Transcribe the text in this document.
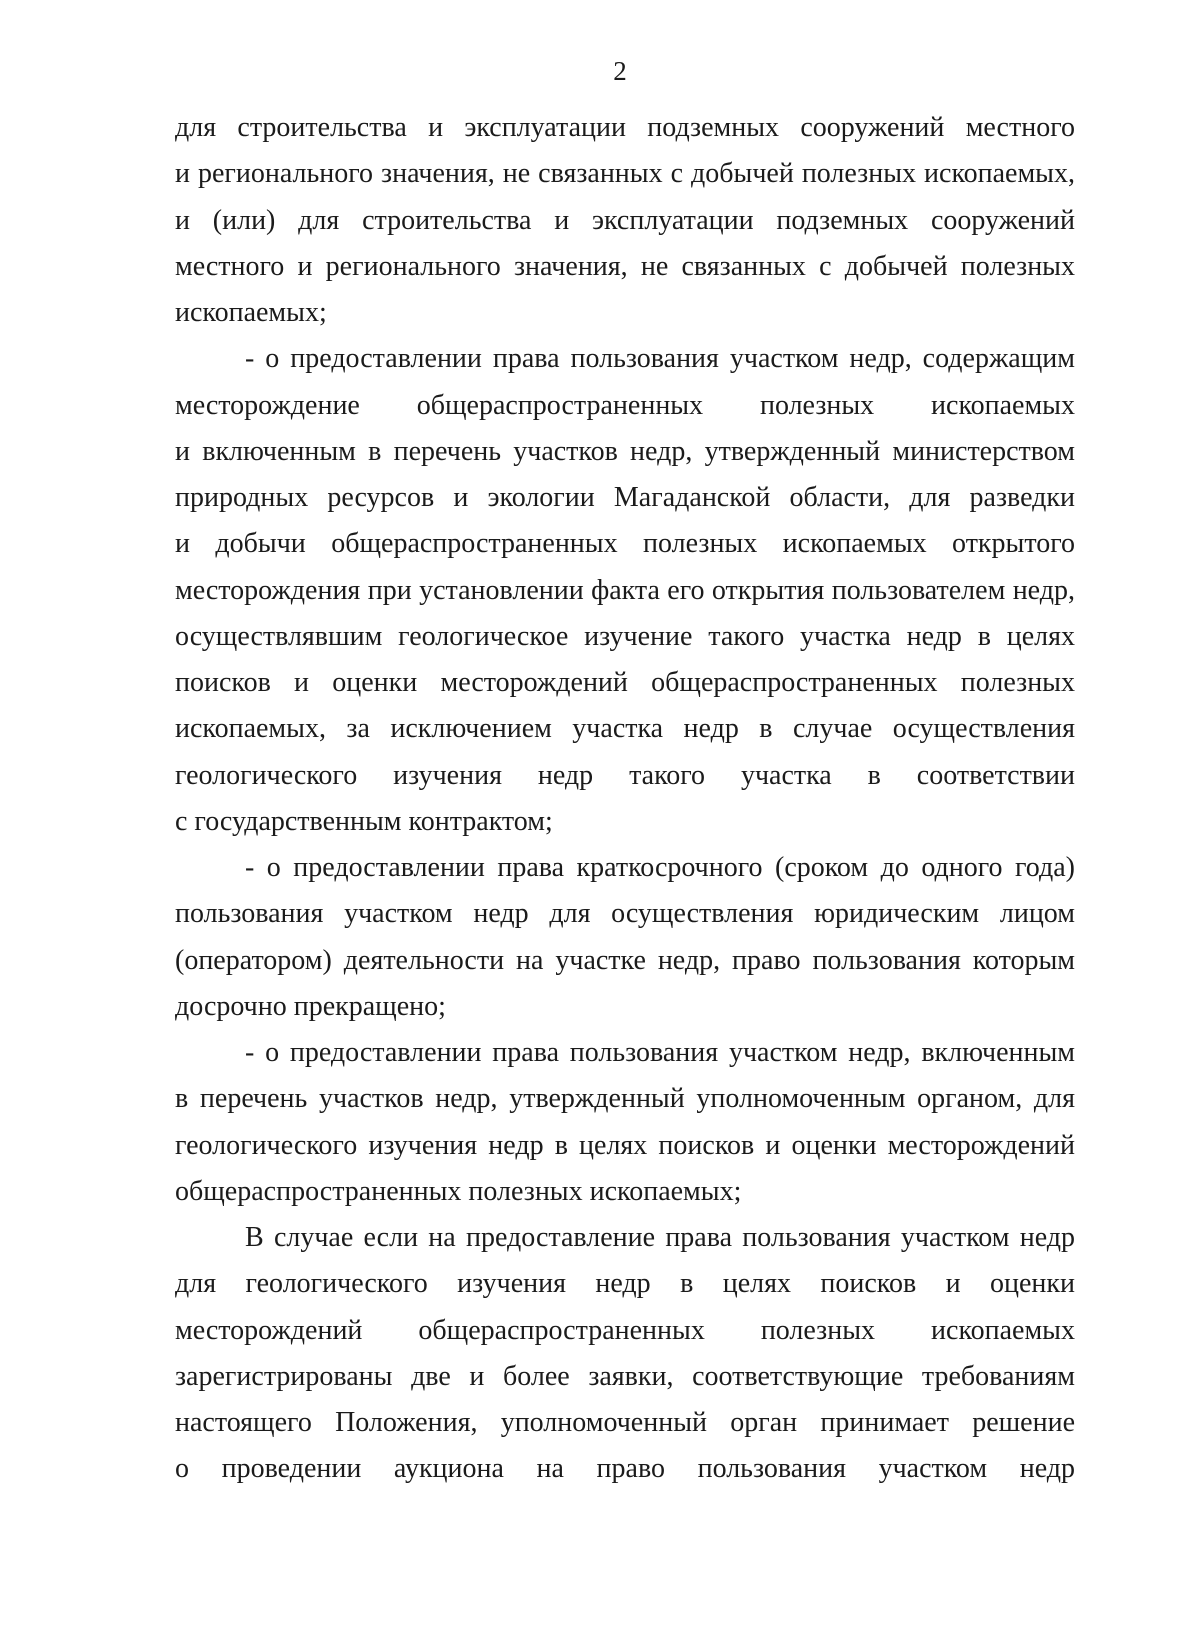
2
для строительства и эксплуатации подземных сооружений местного
и регионального значения, не связанных с добычей полезных ископаемых,
и (или) для строительства и эксплуатации подземных сооружений
местного и регионального значения, не связанных с добычей полезных
ископаемых;
- о предоставлении права пользования участком недр, содержащим
месторождение общераспространенных полезных ископаемых
и включенным в перечень участков недр, утвержденный министерством
природных ресурсов и экологии Магаданской области, для разведки
и добычи общераспространенных полезных ископаемых открытого
месторождения при установлении факта его открытия пользователем недр,
осуществлявшим геологическое изучение такого участка недр в целях
поисков и оценки месторождений общераспространенных полезных
ископаемых, за исключением участка недр в случае осуществления
геологического изучения недр такого участка в соответствии
с государственным контрактом;
- о предоставлении права краткосрочного (сроком до одного года)
пользования участком недр для осуществления юридическим лицом
(оператором) деятельности на участке недр, право пользования которым
досрочно прекращено;
- о предоставлении права пользования участком недр, включенным
в перечень участков недр, утвержденный уполномоченным органом, для
геологического изучения недр в целях поисков и оценки месторождений
общераспространенных полезных ископаемых;
В случае если на предоставление права пользования участком недр
для геологического изучения недр в целях поисков и оценки
месторождений общераспространенных полезных ископаемых
зарегистрированы две и более заявки, соответствующие требованиям
настоящего Положения, уполномоченный орган принимает решение
о проведении аукциона на право пользования участком недр
